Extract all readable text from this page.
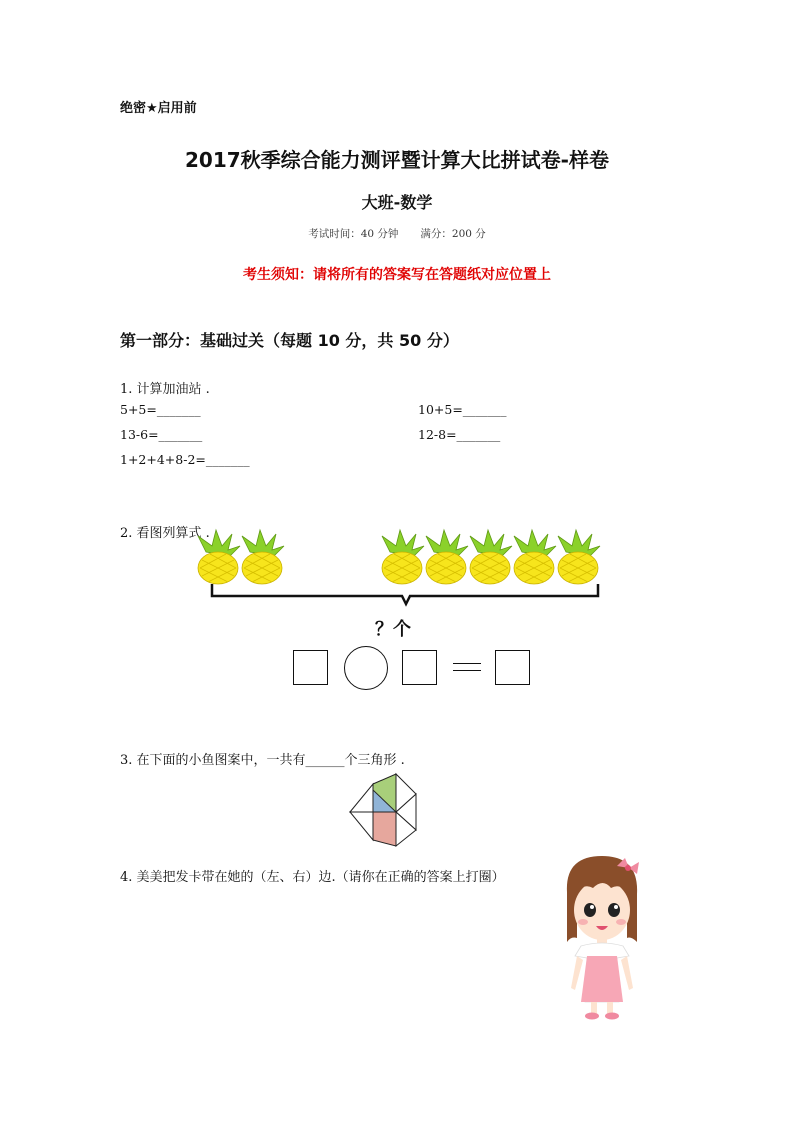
绝密★启用前
2017秋季综合能力测评暨计算大比拼试卷-样卷
大班-数学
考试时间：40 分钟 满分：200 分
考生须知：请将所有的答案写在答题纸对应位置上
第一部分：基础过关（每题 10 分，共 50 分）
1. 计算加油站 .
5+5=_______	10+5=_______
13-6=_______	12-8=_______
1+2+4+8-2=_______
2. 看图列算式 .
？个
3. 在下面的小鱼图案中，一共有______个三角形 .
4. 美美把发卡带在她的（左、右）边.（请你在正确的答案上打圈）
